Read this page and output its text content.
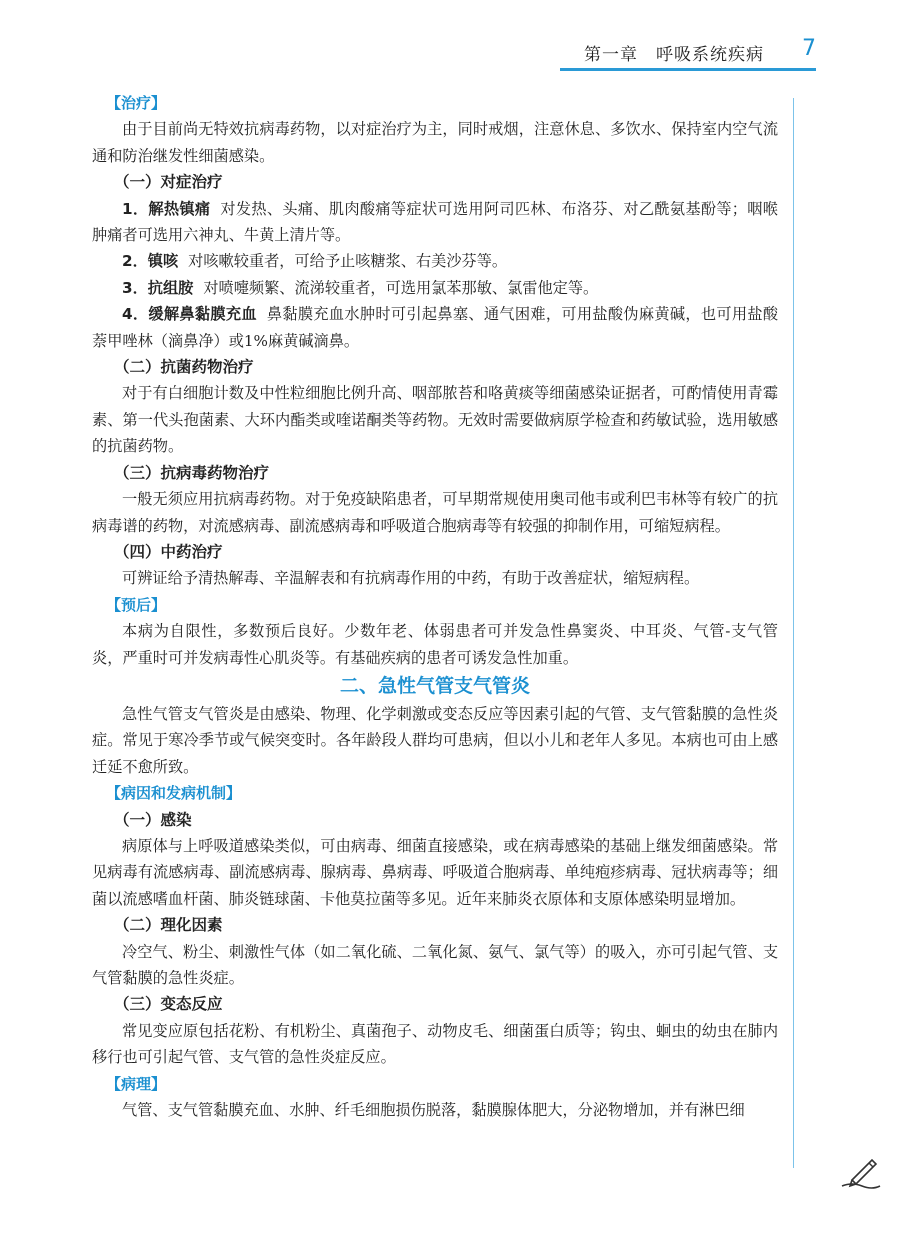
第一章　呼吸系统疾病 7

【治疗】

由于目前尚无特效抗病毒药物，以对症治疗为主，同时戒烟，注意休息、多饮水、保持室内空气流通和防治继发性细菌感染。

（一）对症治疗

1．解热镇痛 对发热、头痛、肌肉酸痛等症状可选用阿司匹林、布洛芬、对乙酰氨基酚等；咽喉肿痛者可选用六神丸、牛黄上清片等。

2．镇咳 对咳嗽较重者，可给予止咳糖浆、右美沙芬等。

3．抗组胺 对喷嚏频繁、流涕较重者，可选用氯苯那敏、氯雷他定等。

4．缓解鼻黏膜充血 鼻黏膜充血水肿时可引起鼻塞、通气困难，可用盐酸伪麻黄碱，也可用盐酸萘甲唑林（滴鼻净）或1%麻黄碱滴鼻。

（二）抗菌药物治疗

对于有白细胞计数及中性粒细胞比例升高、咽部脓苔和咯黄痰等细菌感染证据者，可酌情使用青霉素、第一代头孢菌素、大环内酯类或喹诺酮类等药物。无效时需要做病原学检查和药敏试验，选用敏感的抗菌药物。

（三）抗病毒药物治疗

一般无须应用抗病毒药物。对于免疫缺陷患者，可早期常规使用奥司他韦或利巴韦林等有较广的抗病毒谱的药物，对流感病毒、副流感病毒和呼吸道合胞病毒等有较强的抑制作用，可缩短病程。

（四）中药治疗

可辨证给予清热解毒、辛温解表和有抗病毒作用的中药，有助于改善症状，缩短病程。

【预后】

本病为自限性，多数预后良好。少数年老、体弱患者可并发急性鼻窦炎、中耳炎、气管-支气管炎，严重时可并发病毒性心肌炎等。有基础疾病的患者可诱发急性加重。

二、急性气管支气管炎

急性气管支气管炎是由感染、物理、化学刺激或变态反应等因素引起的气管、支气管黏膜的急性炎症。常见于寒冷季节或气候突变时。各年龄段人群均可患病，但以小儿和老年人多见。本病也可由上感迁延不愈所致。

【病因和发病机制】

（一）感染

病原体与上呼吸道感染类似，可由病毒、细菌直接感染，或在病毒感染的基础上继发细菌感染。常见病毒有流感病毒、副流感病毒、腺病毒、鼻病毒、呼吸道合胞病毒、单纯疱疹病毒、冠状病毒等；细菌以流感嗜血杆菌、肺炎链球菌、卡他莫拉菌等多见。近年来肺炎衣原体和支原体感染明显增加。

（二）理化因素

冷空气、粉尘、刺激性气体（如二氧化硫、二氧化氮、氨气、氯气等）的吸入，亦可引起气管、支气管黏膜的急性炎症。

（三）变态反应

常见变应原包括花粉、有机粉尘、真菌孢子、动物皮毛、细菌蛋白质等；钩虫、蛔虫的幼虫在肺内移行也可引起气管、支气管的急性炎症反应。

【病理】

气管、支气管黏膜充血、水肿、纤毛细胞损伤脱落，黏膜腺体肥大，分泌物增加，并有淋巴细
